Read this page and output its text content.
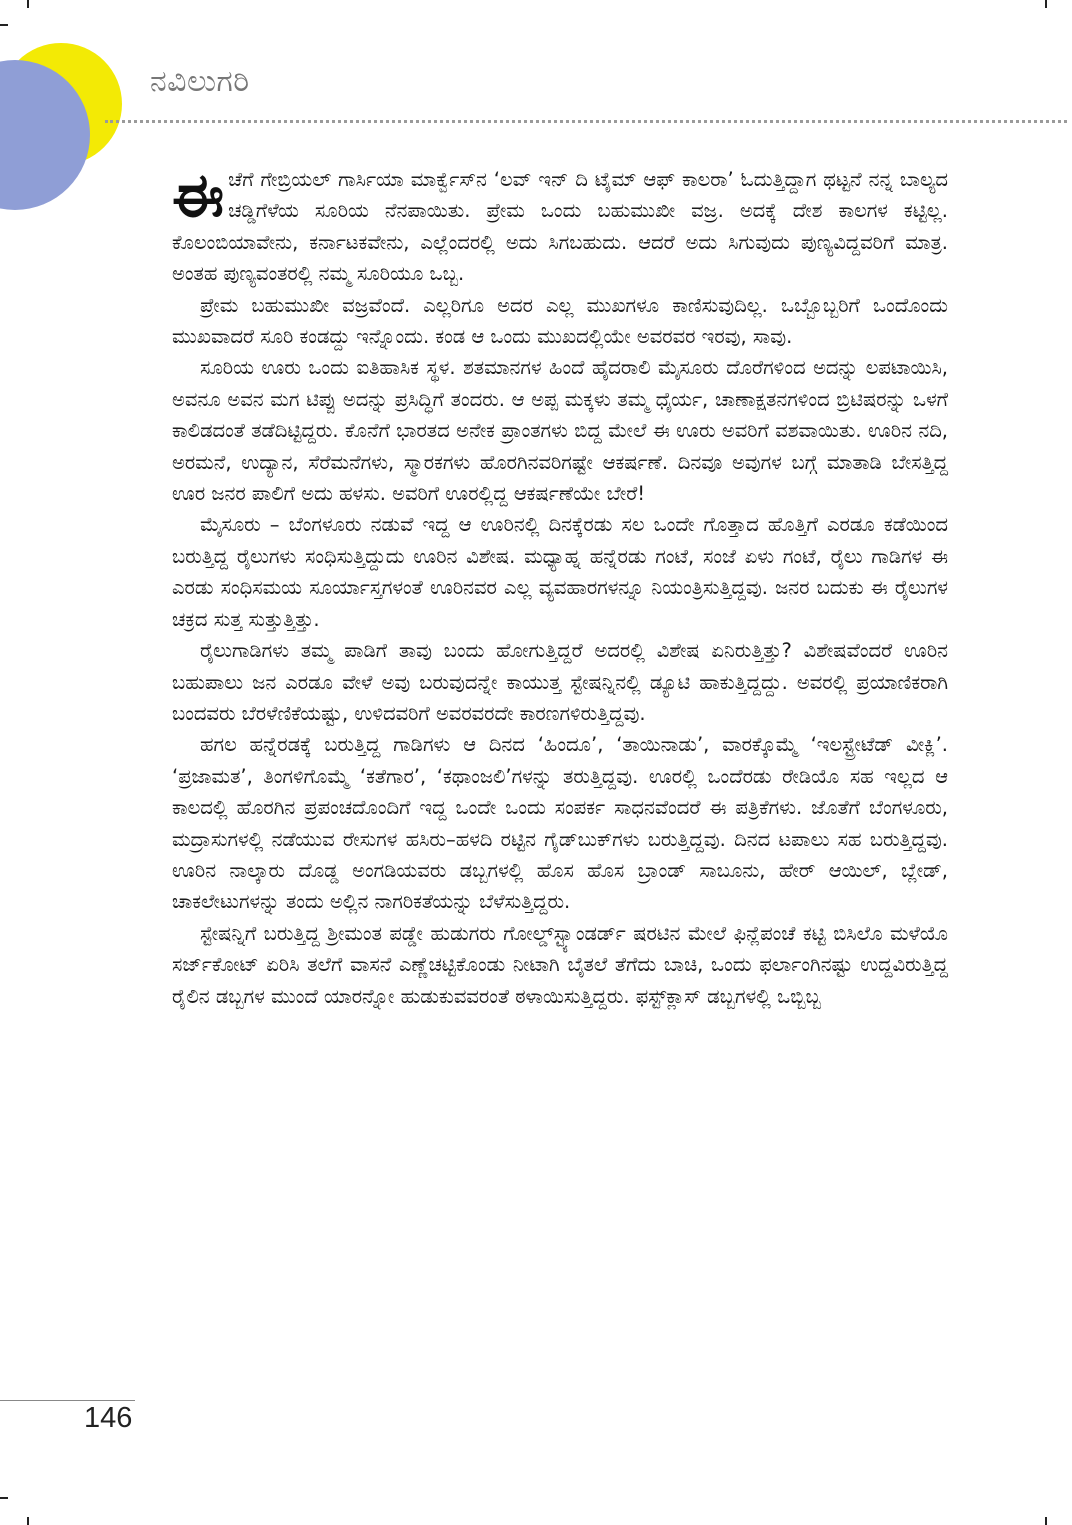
ನವಿಲುಗರಿ

ಈಚೆಗೆ ಗೇಬ್ರಿಯಲ್ ಗಾರ್ಸಿಯಾ ಮಾರ್ಕ್ವೆಸ್‌ನ ‘ಲವ್ ಇನ್ ದಿ ಟೈಮ್ ಆಫ್ ಕಾಲರಾ’ ಓದುತ್ತಿದ್ದಾಗ ಥಟ್ಟನೆ ನನ್ನ ಬಾಲ್ಯದ ಚಡ್ಡಿಗೆಳೆಯ ಸೂರಿಯ ನೆನಪಾಯಿತು. ಪ್ರೇಮ ಒಂದು ಬಹುಮುಖೀ ವಜ್ರ. ಅದಕ್ಕೆ ದೇಶ ಕಾಲಗಳ ಕಟ್ಟಿಲ್ಲ. ಕೊಲಂಬಿಯಾವೇನು, ಕರ್ನಾಟಕವೇನು, ಎಲ್ಲೆಂದರಲ್ಲಿ ಅದು ಸಿಗಬಹುದು. ಆದರೆ ಅದು ಸಿಗುವುದು ಪುಣ್ಯವಿದ್ದವರಿಗೆ ಮಾತ್ರ. ಅಂತಹ ಪುಣ್ಯವಂತರಲ್ಲಿ ನಮ್ಮ ಸೂರಿಯೂ ಒಬ್ಬ.

ಪ್ರೇಮ ಬಹುಮುಖೀ ವಜ್ರವೆಂದೆ. ಎಲ್ಲರಿಗೂ ಅದರ ಎಲ್ಲ ಮುಖಗಳೂ ಕಾಣಿಸುವುದಿಲ್ಲ. ಒಬ್ಬೊಬ್ಬರಿಗೆ ಒಂದೊಂದು ಮುಖವಾದರೆ ಸೂರಿ ಕಂಡದ್ದು ಇನ್ನೊಂದು. ಕಂಡ ಆ ಒಂದು ಮುಖದಲ್ಲಿಯೇ ಅವರವರ ಇರವು, ಸಾವು.

ಸೂರಿಯ ಊರು ಒಂದು ಐತಿಹಾಸಿಕ ಸ್ಥಳ. ಶತಮಾನಗಳ ಹಿಂದೆ ಹೈದರಾಲಿ ಮೈಸೂರು ದೊರೆಗಳಿಂದ ಅದನ್ನು ಲಪಟಾಯಿಸಿ, ಅವನೂ ಅವನ ಮಗ ಟಿಪ್ಪು ಅದನ್ನು ಪ್ರಸಿದ್ಧಿಗೆ ತಂದರು. ಆ ಅಪ್ಪ ಮಕ್ಕಳು ತಮ್ಮ ಧೈರ್ಯ, ಚಾಣಾಕ್ಷತನಗಳಿಂದ ಬ್ರಿಟಿಷರನ್ನು ಒಳಗೆ ಕಾಲಿಡದಂತೆ ತಡೆದಿಟ್ಟಿದ್ದರು. ಕೊನೆಗೆ ಭಾರತದ ಅನೇಕ ಪ್ರಾಂತಗಳು ಬಿದ್ದ ಮೇಲೆ ಈ ಊರು ಅವರಿಗೆ ವಶವಾಯಿತು. ಊರಿನ ನದಿ, ಅರಮನೆ, ಉದ್ಯಾನ, ಸೆರೆಮನೆಗಳು, ಸ್ಮಾರಕಗಳು ಹೊರಗಿನವರಿಗಷ್ಟೇ ಆಕರ್ಷಣೆ. ದಿನವೂ ಅವುಗಳ ಬಗ್ಗೆ ಮಾತಾಡಿ ಬೇಸತ್ತಿದ್ದ ಊರ ಜನರ ಪಾಲಿಗೆ ಅದು ಹಳಸು. ಅವರಿಗೆ ಊರಲ್ಲಿದ್ದ ಆಕರ್ಷಣೆಯೇ ಬೇರೆ!

ಮೈಸೂರು – ಬೆಂಗಳೂರು ನಡುವೆ ಇದ್ದ ಆ ಊರಿನಲ್ಲಿ ದಿನಕ್ಕೆರಡು ಸಲ ಒಂದೇ ಗೊತ್ತಾದ ಹೊತ್ತಿಗೆ ಎರಡೂ ಕಡೆಯಿಂದ ಬರುತ್ತಿದ್ದ ರೈಲುಗಳು ಸಂಧಿಸುತ್ತಿದ್ದುದು ಊರಿನ ವಿಶೇಷ. ಮಧ್ಯಾಹ್ನ ಹನ್ನೆರಡು ಗಂಟೆ, ಸಂಜೆ ಏಳು ಗಂಟೆ, ರೈಲು ಗಾಡಿಗಳ ಈ ಎರಡು ಸಂಧಿಸಮಯ ಸೂರ್ಯಾಸ್ತಗಳಂತೆ ಊರಿನವರ ಎಲ್ಲ ವ್ಯವಹಾರಗಳನ್ನೂ ನಿಯಂತ್ರಿಸುತ್ತಿದ್ದವು. ಜನರ ಬದುಕು ಈ ರೈಲುಗಳ ಚಕ್ರದ ಸುತ್ತ ಸುತ್ತುತ್ತಿತ್ತು.

ರೈಲುಗಾಡಿಗಳು ತಮ್ಮ ಪಾಡಿಗೆ ತಾವು ಬಂದು ಹೋಗುತ್ತಿದ್ದರೆ ಅದರಲ್ಲಿ ವಿಶೇಷ ಏನಿರುತ್ತಿತ್ತು? ವಿಶೇಷವೆಂದರೆ ಊರಿನ ಬಹುಪಾಲು ಜನ ಎರಡೂ ವೇಳೆ ಅವು ಬರುವುದನ್ನೇ ಕಾಯುತ್ತ ಸ್ಟೇಷನ್ನಿನಲ್ಲಿ ಡ್ಯೂಟಿ ಹಾಕುತ್ತಿದ್ದದ್ದು. ಅವರಲ್ಲಿ ಪ್ರಯಾಣಿಕರಾಗಿ ಬಂದವರು ಬೆರಳೆಣಿಕೆಯಷ್ಟು, ಉಳಿದವರಿಗೆ ಅವರವರದೇ ಕಾರಣಗಳಿರುತ್ತಿದ್ದವು.

ಹಗಲ ಹನ್ನೆರಡಕ್ಕೆ ಬರುತ್ತಿದ್ದ ಗಾಡಿಗಳು ಆ ದಿನದ ‘ಹಿಂದೂ’, ‘ತಾಯಿನಾಡು’, ವಾರಕ್ಕೊಮ್ಮೆ ‘ಇಲಸ್ಟ್ರೇಟೆಡ್ ವೀಕ್ಲಿ’. ‘ಪ್ರಜಾಮತ’, ತಿಂಗಳಿಗೊಮ್ಮೆ ‘ಕತೆಗಾರ’, ‘ಕಥಾಂಜಲಿ’ಗಳನ್ನು ತರುತ್ತಿದ್ದವು. ಊರಲ್ಲಿ ಒಂದೆರಡು ರೇಡಿಯೊ ಸಹ ಇಲ್ಲದ ಆ ಕಾಲದಲ್ಲಿ ಹೊರಗಿನ ಪ್ರಪಂಚದೊಂದಿಗೆ ಇದ್ದ ಒಂದೇ ಒಂದು ಸಂಪರ್ಕ ಸಾಧನವೆಂದರೆ ಈ ಪತ್ರಿಕೆಗಳು. ಜೊತೆಗೆ ಬೆಂಗಳೂರು, ಮದ್ರಾಸುಗಳಲ್ಲಿ ನಡೆಯುವ ರೇಸುಗಳ ಹಸಿರು–ಹಳದಿ ರಟ್ಟಿನ ಗೈಡ್‌ಬುಕ್‌ಗಳು ಬರುತ್ತಿದ್ದವು. ದಿನದ ಟಪಾಲು ಸಹ ಬರುತ್ತಿದ್ದವು. ಊರಿನ ನಾಲ್ಕಾರು ದೊಡ್ಡ ಅಂಗಡಿಯವರು ಡಬ್ಬಗಳಲ್ಲಿ ಹೊಸ ಹೊಸ ಬ್ರಾಂಡ್ ಸಾಬೂನು, ಹೇರ್ ಆಯಿಲ್, ಬ್ಲೇಡ್, ಚಾಕಲೇಟುಗಳನ್ನು ತಂದು ಅಲ್ಲಿನ ನಾಗರಿಕತೆಯನ್ನು ಬೆಳೆಸುತ್ತಿದ್ದರು.

ಸ್ಟೇಷನ್ನಿಗೆ ಬರುತ್ತಿದ್ದ ಶ್ರೀಮಂತ ಪಡ್ಡೇ ಹುಡುಗರು ಗೋಲ್ಡ್‌ಸ್ಟ್ಯಾಂಡರ್ಡ್ ಷರಟಿನ ಮೇಲೆ ಫಿನ್ಲೆಪಂಚೆ ಕಟ್ಟಿ ಬಿಸಿಲೊ ಮಳೆಯೊ ಸರ್ಜ್‌ಕೋಟ್ ಏರಿಸಿ ತಲೆಗೆ ವಾಸನೆ ಎಣ್ಣೆಚಟ್ಟಿಕೊಂಡು ನೀಟಾಗಿ ಬೈತಲೆ ತೆಗೆದು ಬಾಚಿ, ಒಂದು ಫರ್ಲಾಂಗಿನಷ್ಟು ಉದ್ದವಿರುತ್ತಿದ್ದ ರೈಲಿನ ಡಬ್ಬಗಳ ಮುಂದೆ ಯಾರನ್ನೋ ಹುಡುಕುವವರಂತೆ ಠಳಾಯಿಸುತ್ತಿದ್ದರು. ಫಸ್ಟ್‌ಕ್ಲಾಸ್ ಡಬ್ಬಗಳಲ್ಲಿ ಒಬ್ಬಿಬ್ಬ

146
